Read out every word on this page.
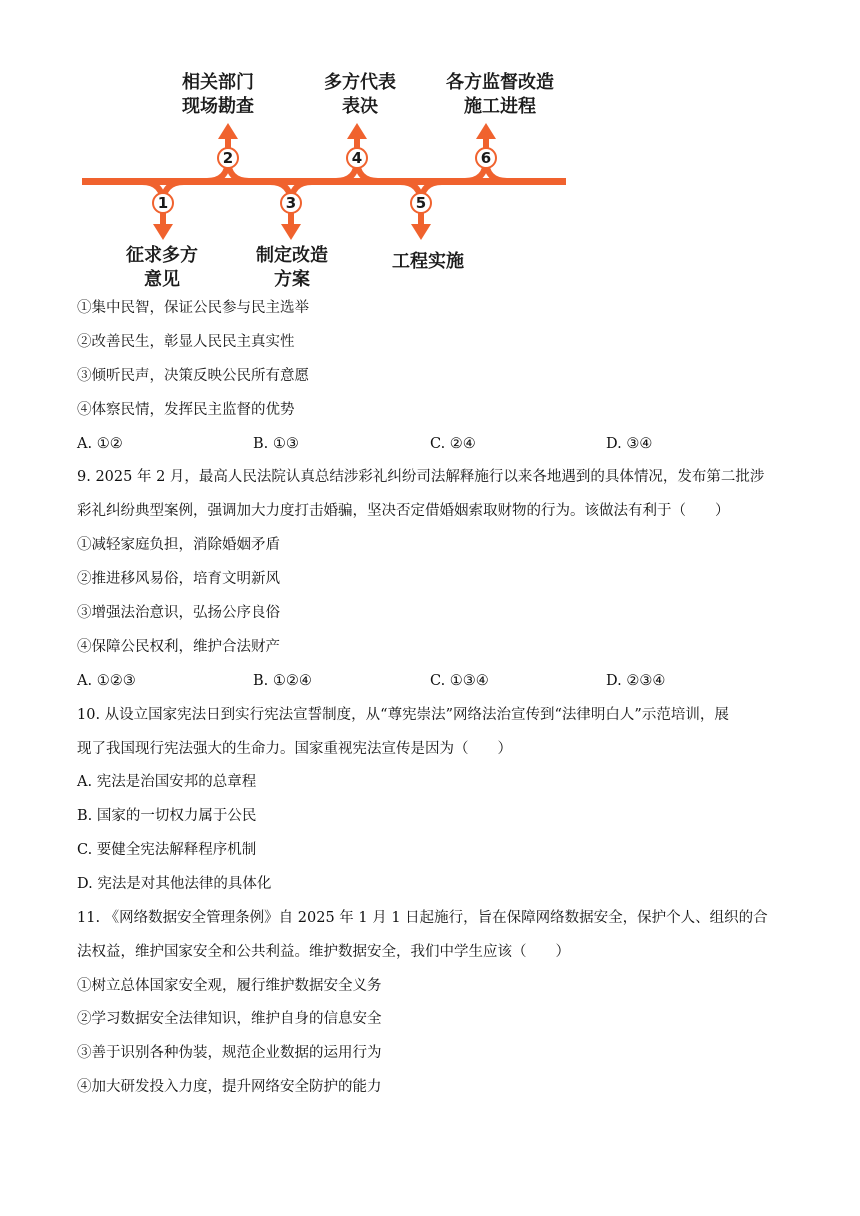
1
2
3
4
5
6
相关部门
现场勘查
多方代表
表决
各方监督改造
施工进程
征求多方
意见
制定改造
方案
工程实施
①集中民智，保证公民参与民主选举
②改善民生，彰显人民民主真实性
③倾听民声，决策反映公民所有意愿
④体察民情，发挥民主监督的优势
A. ①②	B. ①③	C. ②④	D. ③④
9. 2025 年 2 月，最高人民法院认真总结涉彩礼纠纷司法解释施行以来各地遇到的具体情况，发布第二批涉
彩礼纠纷典型案例，强调加大力度打击婚骗，坚决否定借婚姻索取财物的行为。该做法有利于（　　）
①减轻家庭负担，消除婚姻矛盾
②推进移风易俗，培育文明新风
③增强法治意识，弘扬公序良俗
④保障公民权利，维护合法财产
A. ①②③	B. ①②④	C. ①③④	D. ②③④
10. 从设立国家宪法日到实行宪法宣誓制度，从“尊宪崇法”网络法治宣传到“法律明白人”示范培训，展
现了我国现行宪法强大的生命力。国家重视宪法宣传是因为（　　）
A. 宪法是治国安邦的总章程
B. 国家的一切权力属于公民
C. 要健全宪法解释程序机制
D. 宪法是对其他法律的具体化
11. 《网络数据安全管理条例》自 2025 年 1 月 1 日起施行，旨在保障网络数据安全，保护个人、组织的合
法权益，维护国家安全和公共利益。维护数据安全，我们中学生应该（　　）
①树立总体国家安全观，履行维护数据安全义务
②学习数据安全法律知识，维护自身的信息安全
③善于识别各种伪装，规范企业数据的运用行为
④加大研发投入力度，提升网络安全防护的能力
